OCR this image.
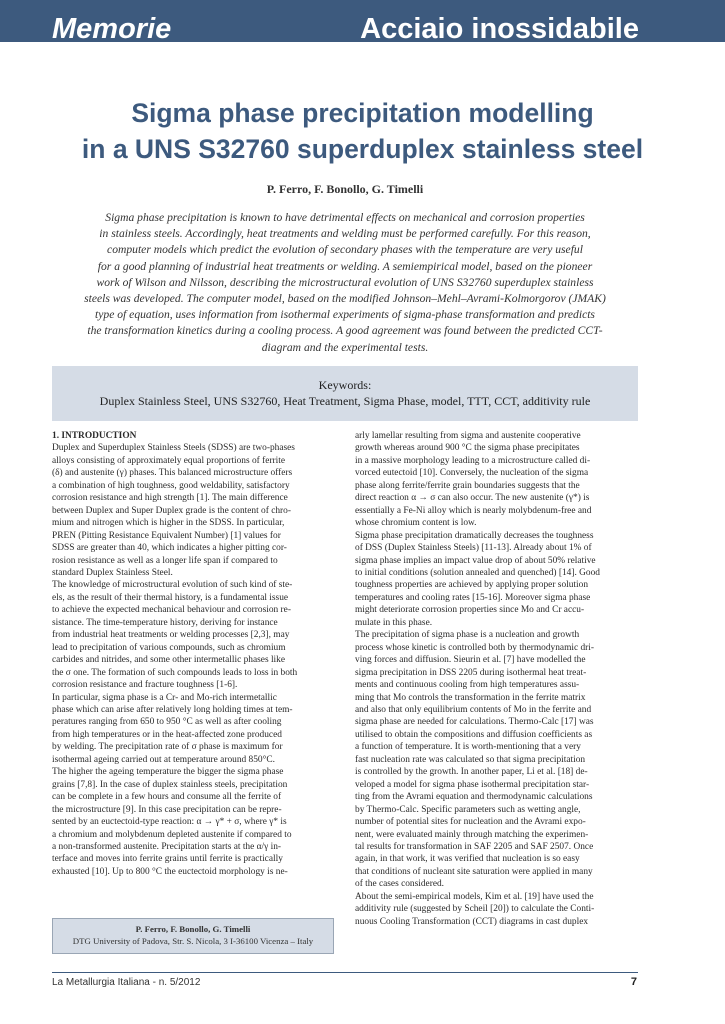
Memorie	Acciaio inossidabile
Sigma phase precipitation modelling
in a UNS S32760 superduplex stainless steel
P. Ferro, F. Bonollo, G. Timelli
Sigma phase precipitation is known to have detrimental effects on mechanical and corrosion properties
in stainless steels. Accordingly, heat treatments and welding must be performed carefully. For this reason,
computer models which predict the evolution of secondary phases with the temperature are very useful
for a good planning of industrial heat treatments or welding. A semiempirical model, based on the pioneer
work of Wilson and Nilsson, describing the microstructural evolution of UNS S32760 superduplex stainless
steels was developed. The computer model, based on the modified Johnson–Mehl–Avrami-Kolmorgorov (JMAK)
type of equation, uses information from isothermal experiments of sigma-phase transformation and predicts
the transformation kinetics during a cooling process. A good agreement was found between the predicted CCT-
diagram and the experimental tests.
Keywords:
Duplex Stainless Steel, UNS S32760, Heat Treatment, Sigma Phase, model, TTT, CCT, additivity rule
1. INTRODUCTION
Duplex and Superduplex Stainless Steels (SDSS) are two-phases
alloys consisting of approximately equal proportions of ferrite
(δ) and austenite (γ) phases. This balanced microstructure offers
a combination of high toughness, good weldability, satisfactory
corrosion resistance and high strength [1]. The main difference
between Duplex and Super Duplex grade is the content of chro-
mium and nitrogen which is higher in the SDSS. In particular,
PREN (Pitting Resistance Equivalent Number) [1] values for
SDSS are greater than 40, which indicates a higher pitting cor-
rosion resistance as well as a longer life span if compared to
standard Duplex Stainless Steel.
The knowledge of microstructural evolution of such kind of ste-
els, as the result of their thermal history, is a fundamental issue
to achieve the expected mechanical behaviour and corrosion re-
sistance. The time-temperature history, deriving for instance
from industrial heat treatments or welding processes [2,3], may
lead to precipitation of various compounds, such as chromium
carbides and nitrides, and some other intermetallic phases like
the σ one. The formation of such compounds leads to loss in both
corrosion resistance and fracture toughness [1-6].
In particular, sigma phase is a Cr- and Mo-rich intermetallic
phase which can arise after relatively long holding times at tem-
peratures ranging from 650 to 950 °C as well as after cooling
from high temperatures or in the heat-affected zone produced
by welding. The precipitation rate of σ phase is maximum for
isothermal ageing carried out at temperature around 850°C.
The higher the ageing temperature the bigger the sigma phase
grains [7,8]. In the case of duplex stainless steels, precipitation
can be complete in a few hours and consume all the ferrite of
the microstructure [9]. In this case precipitation can be repre-
sented by an euctectoid-type reaction: α → γ* + σ, where γ* is
a chromium and molybdenum depleted austenite if compared to
a non-transformed austenite. Precipitation starts at the α/γ in-
terface and moves into ferrite grains until ferrite is practically
exhausted [10]. Up to 800 °C the euctectoid morphology is ne-
arly lamellar resulting from sigma and austenite cooperative
growth whereas around 900 °C the sigma phase precipitates
in a massive morphology leading to a microstructure called di-
vorced eutectoid [10]. Conversely, the nucleation of the sigma
phase along ferrite/ferrite grain boundaries suggests that the
direct reaction α → σ can also occur. The new austenite (γ*) is
essentially a Fe-Ni alloy which is nearly molybdenum-free and
whose chromium content is low.
Sigma phase precipitation dramatically decreases the toughness
of DSS (Duplex Stainless Steels) [11-13]. Already about 1% of
sigma phase implies an impact value drop of about 50% relative
to initial conditions (solution annealed and quenched) [14]. Good
toughness properties are achieved by applying proper solution
temperatures and cooling rates [15-16]. Moreover sigma phase
might deteriorate corrosion properties since Mo and Cr accu-
mulate in this phase.
The precipitation of sigma phase is a nucleation and growth
process whose kinetic is controlled both by thermodynamic dri-
ving forces and diffusion. Sieurin et al. [7] have modelled the
sigma precipitation in DSS 2205 during isothermal heat treat-
ments and continuous cooling from high temperatures assu-
ming that Mo controls the transformation in the ferrite matrix
and also that only equilibrium contents of Mo in the ferrite and
sigma phase are needed for calculations. Thermo-Calc [17] was
utilised to obtain the compositions and diffusion coefficients as
a function of temperature. It is worth-mentioning that a very
fast nucleation rate was calculated so that sigma precipitation
is controlled by the growth. In another paper, Li et al. [18] de-
veloped a model for sigma phase isothermal precipitation star-
ting from the Avrami equation and thermodynamic calculations
by Thermo-Calc. Specific parameters such as wetting angle,
number of potential sites for nucleation and the Avrami expo-
nent, were evaluated mainly through matching the experimen-
tal results for transformation in SAF 2205 and SAF 2507. Once
again, in that work, it was verified that nucleation is so easy
that conditions of nucleant site saturation were applied in many
of the cases considered.
About the semi-empirical models, Kim et al. [19] have used the
additivity rule (suggested by Scheil [20]) to calculate the Conti-
nuous Cooling Transformation (CCT) diagrams in cast duplex
P. Ferro, F. Bonollo, G. Timelli
DTG University of Padova, Str. S. Nicola, 3 I-36100 Vicenza – Italy
La Metallurgia Italiana - n. 5/2012	7
